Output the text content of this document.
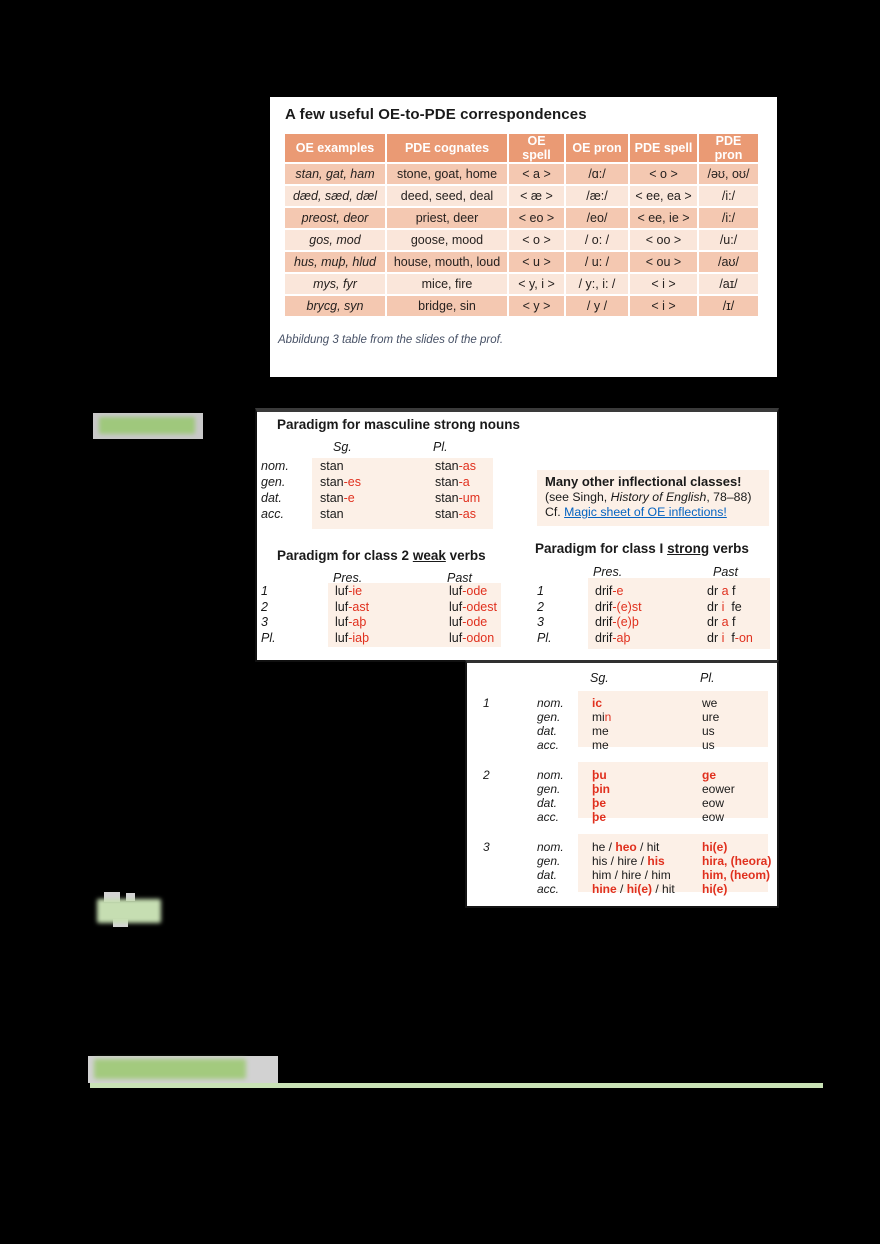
A few useful OE-to-PDE correspondences
OE examples	PDE cognates	OE spell	OE pron	PDE spell	PDE pron
stan, gat, ham	stone, goat, home	< a >	/ɑ:/	< o >	/əʊ, oʊ/
dæd, sæd, dæl	deed, seed, deal	< æ >	/æ:/	< ee, ea >	/i:/
preost, deor	priest, deer	< eo >	/eo/	< ee, ie >	/i:/
gos, mod	goose, mood	< o >	/ o: /	< oo >	/u:/
hus, muþ, hlud	house, mouth, loud	< u >	/ u: /	< ou >	/aʊ/
mys, fyr	mice, fire	< y, i >	/ y:, i: /	< i >	/aɪ/
brycg, syn	bridge, sin	< y >	/ y /	< i >	/ɪ/
Abbildung 3 table from the slides of the prof.
Paradigm for masculine strong nouns
Sg.	Pl.
nom.	stan	stan-as
gen.	stan-es	stan-a
dat.	stan-e	stan-um
acc.	stan	stan-as
Many other inflectional classes!
(see Singh, History of English, 78–88)
Cf. Magic sheet of OE inflections!
Paradigm for class 2 weak verbs	Paradigm for class I strong verbs
Pres.	Past	Pres.	Past
1	luf-ie	luf-ode
2	luf-ast	luf-odest
3	luf-aþ	luf-ode
Pl.	luf-iaþ	luf-odon
1	drif-e	dr a f
2	drif-(e)st	dr i  fe
3	drif-(e)þ	dr a f
Pl.	drif-aþ	dr i  f-on
Sg.	Pl.
1	nom.	ic	we
gen.	min	ure
dat.	me	us
acc.	me	us
2	nom.	þu	ge
gen.	þin	eower
dat.	þe	eow
acc.	þe	eow
3	nom.	he / heo / hit	hi(e)
gen.	his / hire / his	hira, (heora)
dat.	him / hire / him	him, (heom)
acc.	hine / hi(e) / hit	hi(e)
